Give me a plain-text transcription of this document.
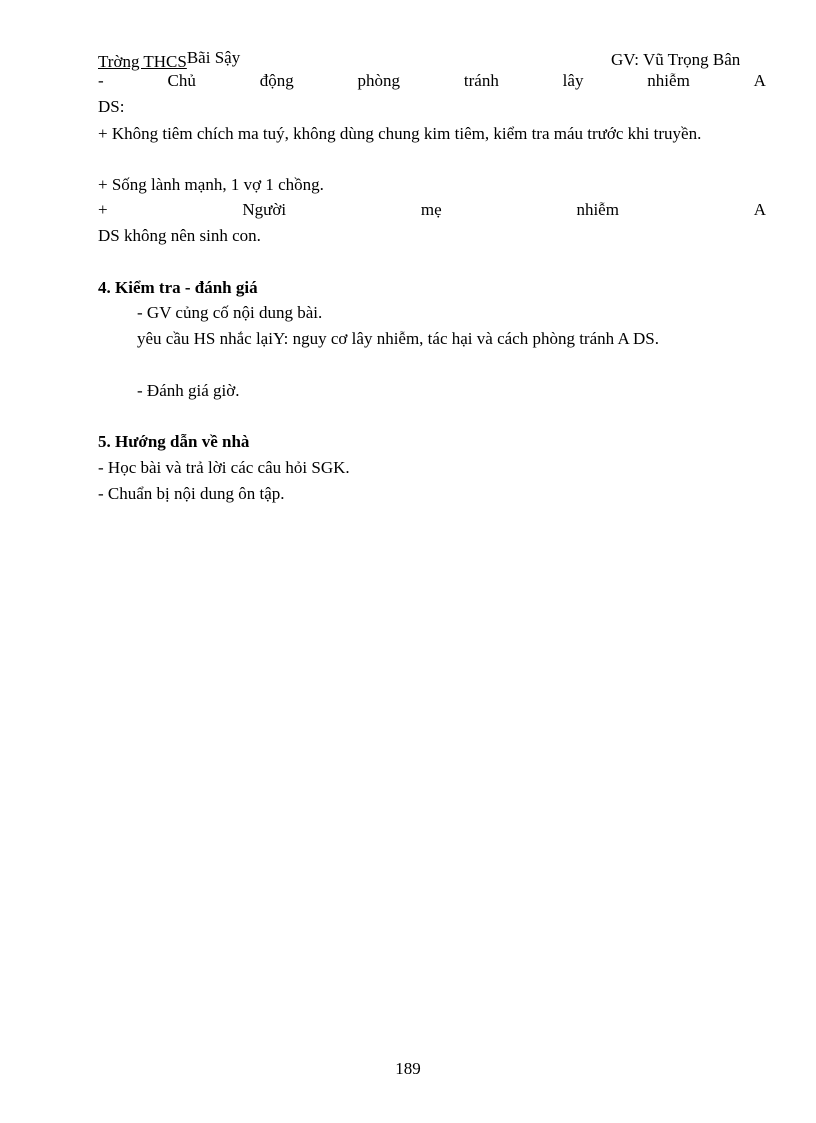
Trờng THCSBãi Sậy	GV: Vũ Trọng Bân
-	Chủ	động	phòng	tránh	lây	nhiễm	A
DS:
+ Không tiêm chích ma tuý, không dùng chung kim tiêm, kiểm tra máu trước khi truyền.
+ Sống lành mạnh, 1 vợ 1 chồng.
+	Người	mẹ	nhiễm	A
DS không nên sinh con.
4. Kiểm tra - đánh giá
- GV củng cố nội dung bài.
yêu cầu HS nhắc lạiY: nguy cơ lây nhiễm, tác hại và cách phòng tránh A DS.
- Đánh giá giờ.
5. Hướng dẫn về nhà
- Học bài và trả lời các câu hỏi SGK.
- Chuẩn bị nội dung ôn tập.
189
